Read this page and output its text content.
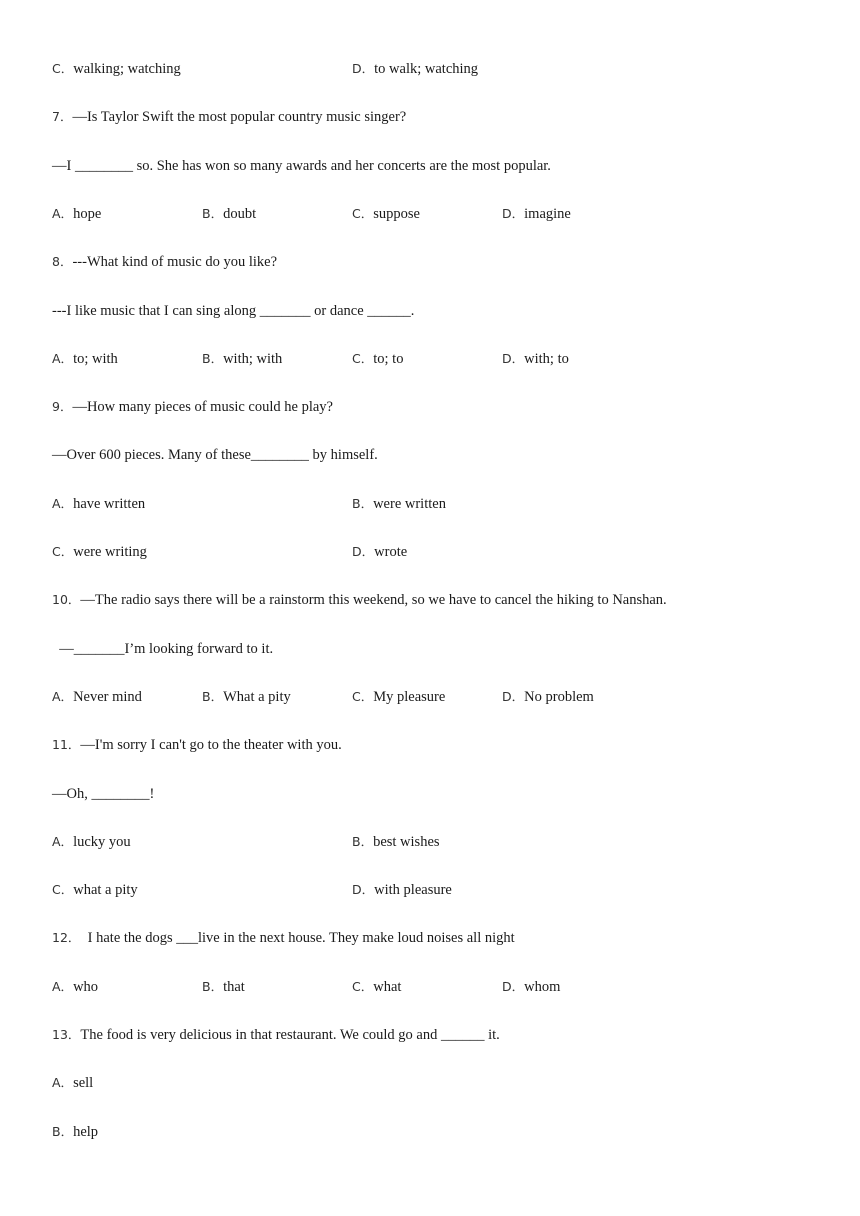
C．walking; watching	D．to walk; watching
7．—Is Taylor Swift the most popular country music singer?
—I ________ so. She has won so many awards and her concerts are the most popular.
A．hope	B．doubt	C．suppose	D．imagine
8．---What kind of music do you like?
---I like music that I can sing along _______ or dance ______.
A．to; with	B．with; with	C．to; to	D．with; to
9．—How many pieces of music could he play?
—Over 600 pieces. Many of these________ by himself.
A．have written	B．were written
C．were writing	D．wrote
10．—The radio says there will be a rainstorm this weekend, so we have to cancel the hiking to Nanshan.
—_______I’m looking forward to it.
A．Never mind	B．What a pity	C．My pleasure	D．No problem
11．—I'm sorry I can't go to the theater with you.
—Oh, ________!
A．lucky you	B．best wishes
C．what a pity	D．with pleasure
12．  I hate the dogs ___live in the next house. They make loud noises all night
A．who	B．that	C．what	D．whom
13．The food is very delicious in that restaurant. We could go and ______ it.
A．sell
B．help
